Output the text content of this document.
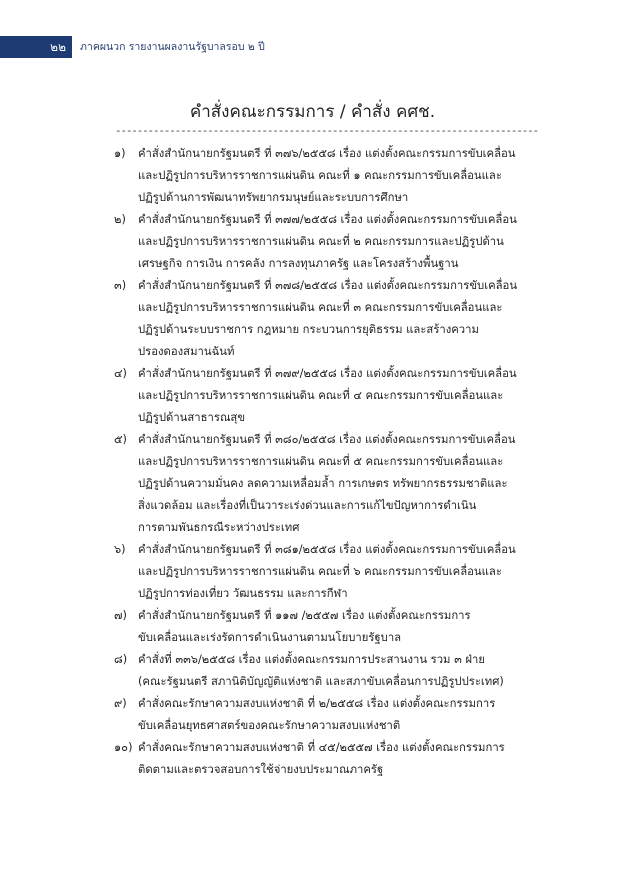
๒๒	ภาคผนวก รายงานผลงานรัฐบาลรอบ ๒ ปี
คำสั่งคณะกรรมการ / คำสั่ง คศช.
------------------------------------------------------------------------------
๑) คำสั่งสำนักนายกรัฐมนตรี ที่ ๓๗๖/๒๕๕๘ เรื่อง แต่งตั้งคณะกรรมการขับเคลื่อน
และปฏิรูปการบริหารราชการแผ่นดิน คณะที่ ๑ คณะกรรมการขับเคลื่อนและ
ปฏิรูปด้านการพัฒนาทรัพยากรมนุษย์และระบบการศึกษา
๒) คำสั่งสำนักนายกรัฐมนตรี ที่ ๓๗๗/๒๕๕๘ เรื่อง แต่งตั้งคณะกรรมการขับเคลื่อน
และปฏิรูปการบริหารราชการแผ่นดิน คณะที่ ๒ คณะกรรมการและปฏิรูปด้าน
เศรษฐกิจ การเงิน การคลัง การลงทุนภาครัฐ และโครงสร้างพื้นฐาน
๓) คำสั่งสำนักนายกรัฐมนตรี ที่ ๓๗๘/๒๕๕๘ เรื่อง แต่งตั้งคณะกรรมการขับเคลื่อน
และปฏิรูปการบริหารราชการแผ่นดิน คณะที่ ๓ คณะกรรมการขับเคลื่อนและ
ปฏิรูปด้านระบบราชการ กฎหมาย กระบวนการยุติธรรม และสร้างความ
ปรองดองสมานฉันท์
๔) คำสั่งสำนักนายกรัฐมนตรี ที่ ๓๗๙/๒๕๕๘ เรื่อง แต่งตั้งคณะกรรมการขับเคลื่อน
และปฏิรูปการบริหารราชการแผ่นดิน คณะที่ ๔ คณะกรรมการขับเคลื่อนและ
ปฏิรูปด้านสาธารณสุข
๕) คำสั่งสำนักนายกรัฐมนตรี ที่ ๓๘๐/๒๕๕๘ เรื่อง แต่งตั้งคณะกรรมการขับเคลื่อน
และปฏิรูปการบริหารราชการแผ่นดิน คณะที่ ๕ คณะกรรมการขับเคลื่อนและ
ปฏิรูปด้านความมั่นคง ลดความเหลื่อมล้ำ การเกษตร ทรัพยากรธรรมชาติและ
สิ่งแวดล้อม และเรื่องที่เป็นวาระเร่งด่วนและการแก้ไขปัญหาการดำเนิน
การตามพันธกรณีระหว่างประเทศ
๖) คำสั่งสำนักนายกรัฐมนตรี ที่ ๓๘๑/๒๕๕๘ เรื่อง แต่งตั้งคณะกรรมการขับเคลื่อน
และปฏิรูปการบริหารราชการแผ่นดิน คณะที่ ๖ คณะกรรมการขับเคลื่อนและ
ปฏิรูปการท่องเที่ยว วัฒนธรรม และการกีฬา
๗) คำสั่งสำนักนายกรัฐมนตรี ที่ ๑๑๗ /๒๕๕๗ เรื่อง แต่งตั้งคณะกรรมการ
ขับเคลื่อนและเร่งรัดการดำเนินงานตามนโยบายรัฐบาล
๘) คำสั่งที่ ๓๓๖/๒๕๕๘ เรื่อง แต่งตั้งคณะกรรมการประสานงาน รวม ๓ ฝ่าย
(คณะรัฐมนตรี สภานิติบัญญัติแห่งชาติ และสภาขับเคลื่อนการปฏิรูปประเทศ)
๙) คำสั่งคณะรักษาความสงบแห่งชาติ ที่ ๒/๒๕๕๘ เรื่อง แต่งตั้งคณะกรรมการ
ขับเคลื่อนยุทธศาสตร์ของคณะรักษาความสงบแห่งชาติ
๑๐) คำสั่งคณะรักษาความสงบแห่งชาติ ที่ ๔๕/๒๕๕๗ เรื่อง แต่งตั้งคณะกรรมการ
ติดตามและตรวจสอบการใช้จ่ายงบประมาณภาครัฐ
